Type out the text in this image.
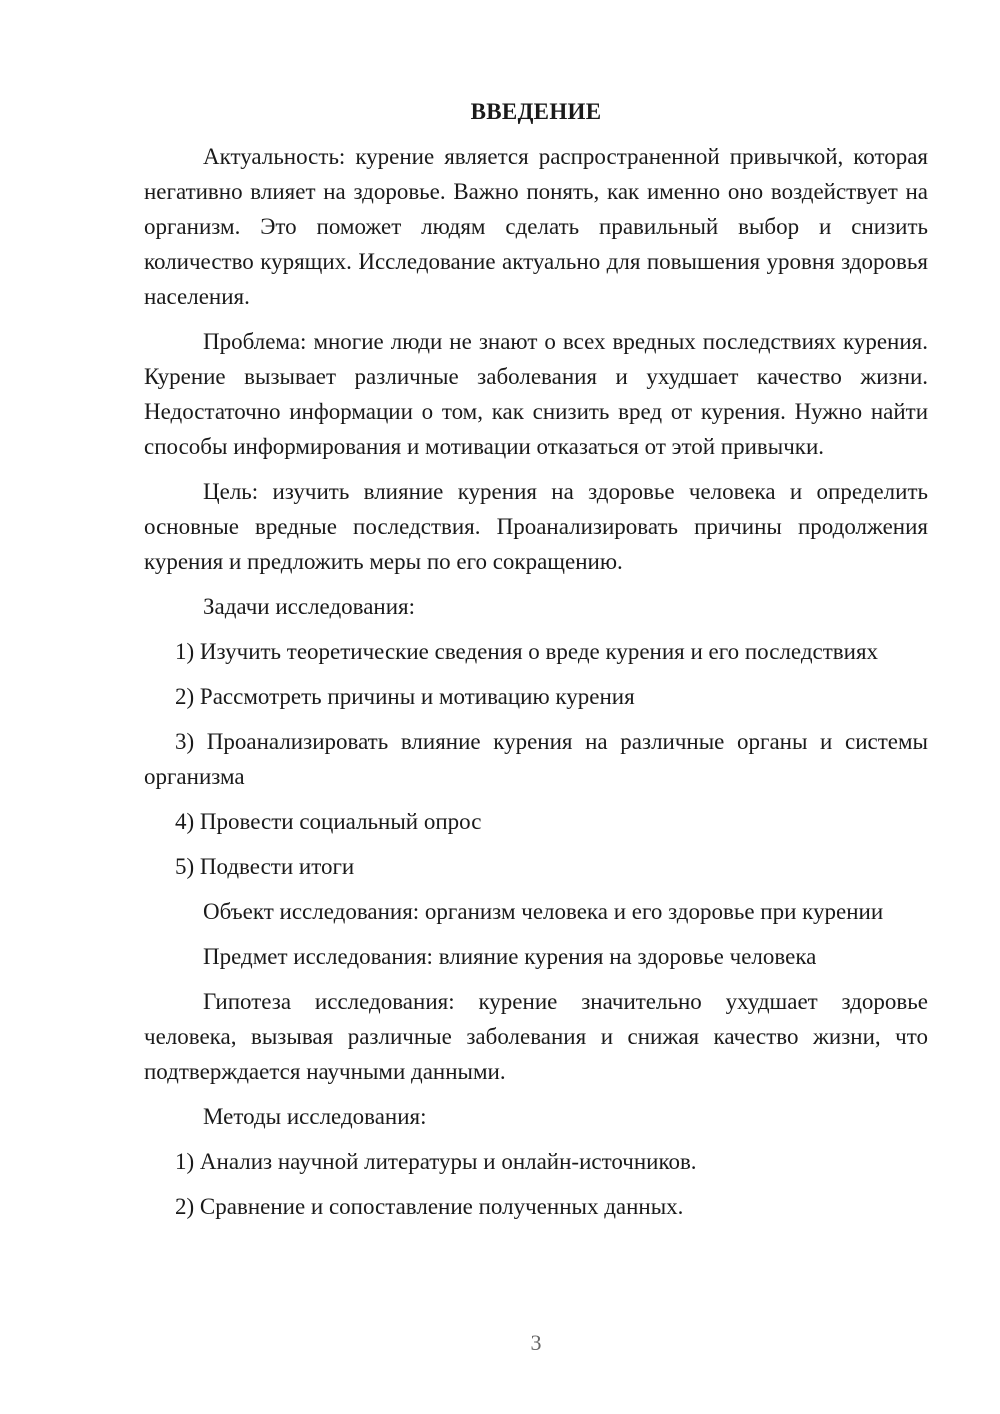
ВВЕДЕНИЕ

Актуальность: курение является распространенной привычкой, которая негативно влияет на здоровье. Важно понять, как именно оно воздействует на организм. Это поможет людям сделать правильный выбор и снизить количество курящих. Исследование актуально для повышения уровня здоровья населения.

Проблема: многие люди не знают о всех вредных последствиях курения. Курение вызывает различные заболевания и ухудшает качество жизни. Недостаточно информации о том, как снизить вред от курения. Нужно найти способы информирования и мотивации отказаться от этой привычки.

Цель: изучить влияние курения на здоровье человека и определить основные вредные последствия. Проанализировать причины продолжения курения и предложить меры по его сокращению.

Задачи исследования:

1) Изучить теоретические сведения о вреде курения и его последствиях

2) Рассмотреть причины и мотивацию курения

3) Проанализировать влияние курения на различные органы и системы организма

4) Провести социальный опрос

5) Подвести итоги

Объект исследования: организм человека и его здоровье при курении

Предмет исследования: влияние курения на здоровье человека

Гипотеза исследования: курение значительно ухудшает здоровье человека, вызывая различные заболевания и снижая качество жизни, что подтверждается научными данными.

Методы исследования:

1) Анализ научной литературы и онлайн-источников.

2) Сравнение и сопоставление полученных данных.

3
